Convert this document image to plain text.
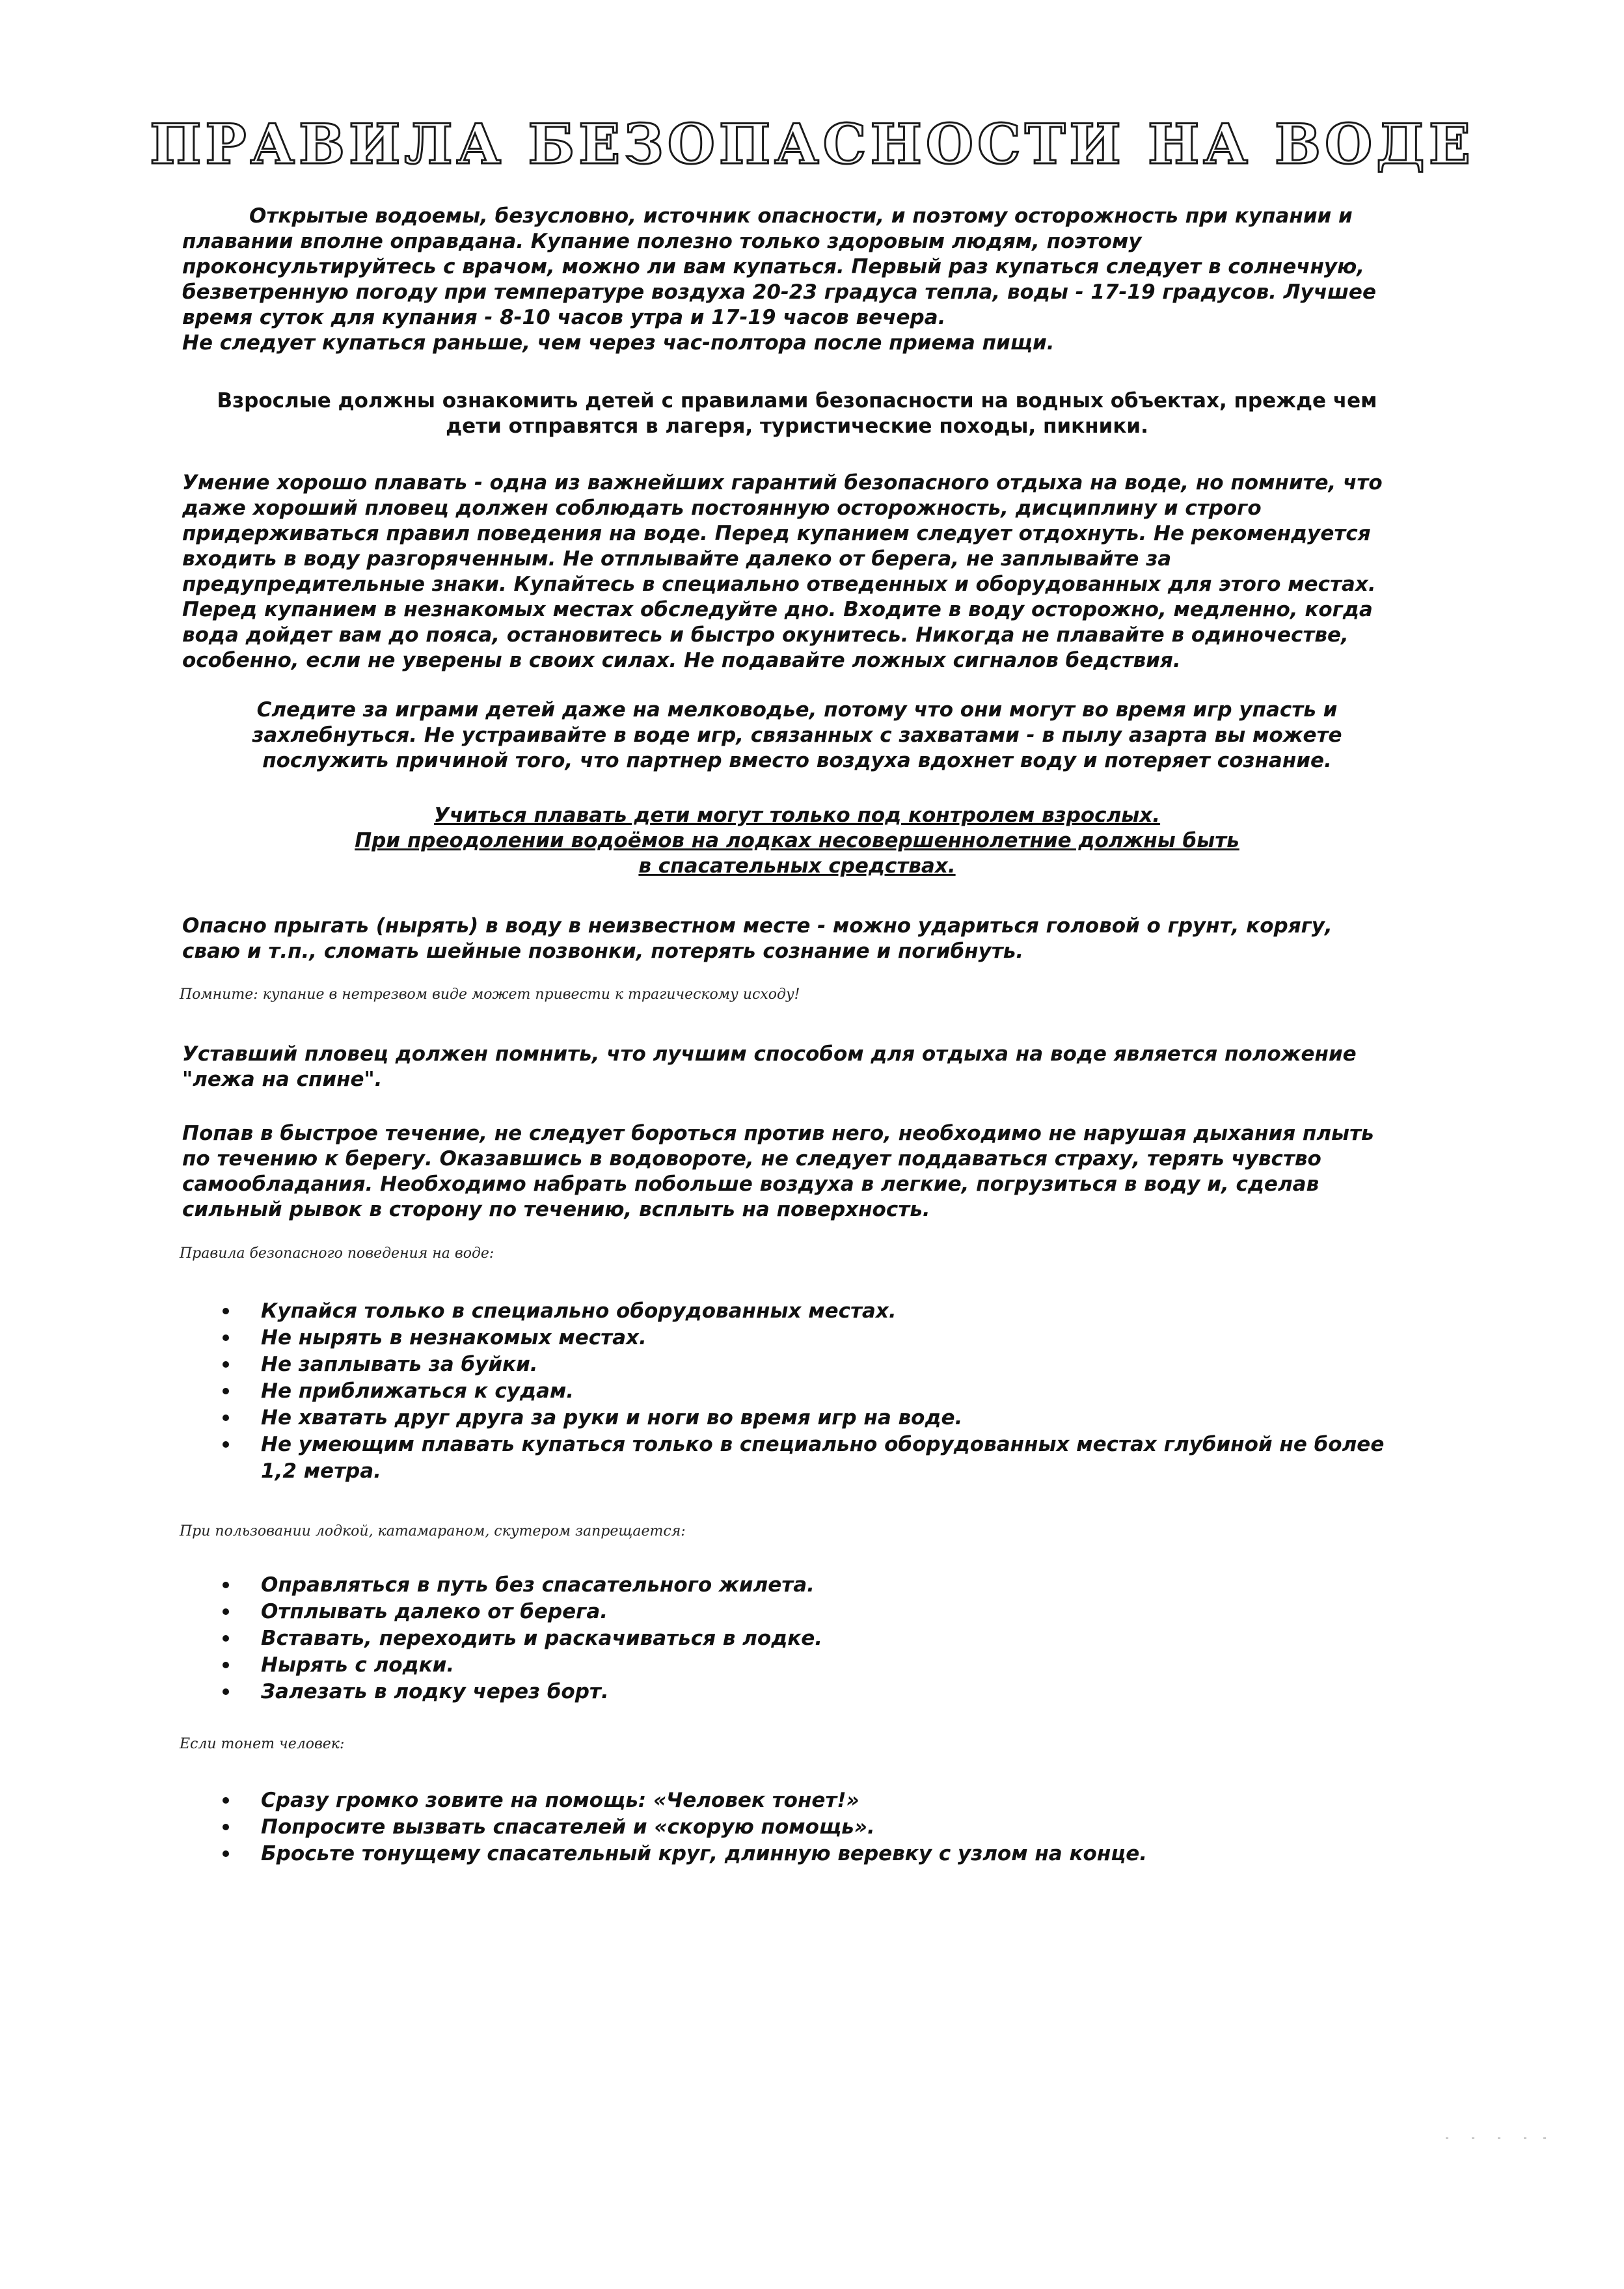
ПРАВИЛА БЕЗОПАСНОСТИ НА ВОДЕ
Открытые водоемы, безусловно, источник опасности, и поэтому осторожность при купании и
плавании вполне оправдана. Купание полезно только здоровым людям, поэтому
проконсультируйтесь с врачом, можно ли вам купаться. Первый раз купаться следует в солнечную,
безветренную погоду при температуре воздуха 20-23 градуса тепла, воды - 17-19 градусов. Лучшее
время суток для купания - 8-10 часов утра и 17-19 часов вечера.
Не следует купаться раньше, чем через час-полтора после приема пищи.
Взрослые должны ознакомить детей с правилами безопасности на водных объектах, прежде чем
дети отправятся в лагеря, туристические походы, пикники.
Умение хорошо плавать - одна из важнейших гарантий безопасного отдыха на воде, но помните, что
даже хороший пловец должен соблюдать постоянную осторожность, дисциплину и строго
придерживаться правил поведения на воде. Перед купанием следует отдохнуть. Не рекомендуется
входить в воду разгоряченным. Не отплывайте далеко от берега, не заплывайте за
предупредительные знаки. Купайтесь в специально отведенных и оборудованных для этого местах.
Перед купанием в незнакомых местах обследуйте дно. Входите в воду осторожно, медленно, когда
вода дойдет вам до пояса, остановитесь и быстро окунитесь. Никогда не плавайте в одиночестве,
особенно, если не уверены в своих силах. Не подавайте ложных сигналов бедствия.
Следите за играми детей даже на мелководье, потому что они могут во время игр упасть и
захлебнуться. Не устраивайте в воде игр, связанных с захватами - в пылу азарта вы можете
послужить причиной того, что партнер вместо воздуха вдохнет воду и потеряет сознание.
Учиться плавать дети могут только под контролем взрослых.
При преодолении водоёмов на лодках несовершеннолетние должны быть
в спасательных средствах.
Опасно прыгать (нырять) в воду в неизвестном месте - можно удариться головой о грунт, корягу,
сваю и т.п., сломать шейные позвонки, потерять сознание и погибнуть.
Помните: купание в нетрезвом виде может привести к трагическому исходу!
Уставший пловец должен помнить, что лучшим способом для отдыха на воде является положение
"лежа на спине".
Попав в быстрое течение, не следует бороться против него, необходимо не нарушая дыхания плыть
по течению к берегу. Оказавшись в водовороте, не следует поддаваться страху, терять чувство
самообладания. Необходимо набрать побольше воздуха в легкие, погрузиться в воду и, сделав
сильный рывок в сторону по течению, всплыть на поверхность.
Правила безопасного поведения на воде:
Купайся только в специально оборудованных местах.
Не нырять в незнакомых местах.
Не заплывать за буйки.
Не приближаться к судам.
Не хватать друг друга за руки и ноги во время игр на воде.
Не умеющим плавать купаться только в специально оборудованных местах глубиной не более
1,2 метра.
При пользовании лодкой, катамараном, скутером запрещается:
Оправляться в путь без спасательного жилета.
Отплывать далеко от берега.
Вставать, переходить и раскачиваться в лодке.
Нырять с лодки.
Залезать в лодку через борт.
Если тонет человек:
Сразу громко зовите на помощь: «Человек тонет!»
Попросите вызвать спасателей и «скорую помощь».
Бросьте тонущему спасательный круг, длинную веревку с узлом на конце.
